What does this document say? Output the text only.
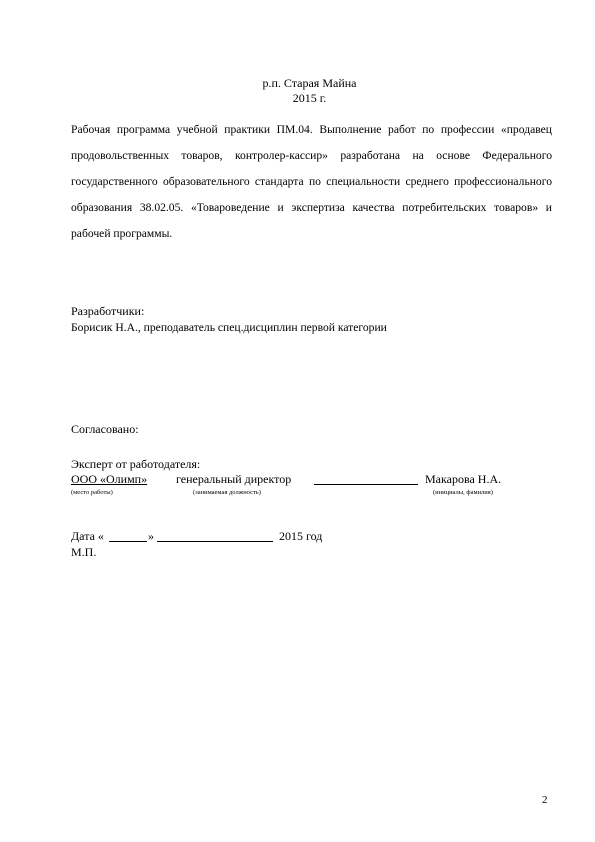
р.п. Старая Майна
2015 г.
Рабочая программа учебной практики ПМ.04. Выполнение работ по профессии «продавец продовольственных товаров, контролер-кассир» разработана на основе Федерального государственного образовательного стандарта по специальности среднего профессионального образования 38.02.05. «Товароведение и экспертиза качества потребительских товаров» и рабочей программы.
Разработчики:
Борисик Н.А., преподаватель спец.дисциплин первой категории
Согласовано:
Эксперт от работодателя:
ООО «Олимп» генеральный директор	Макарова Н.А.
(место работы)	(занимаемая должность)	(инициалы, фамилия)
Дата «	»	2015 год
М.П.
2
